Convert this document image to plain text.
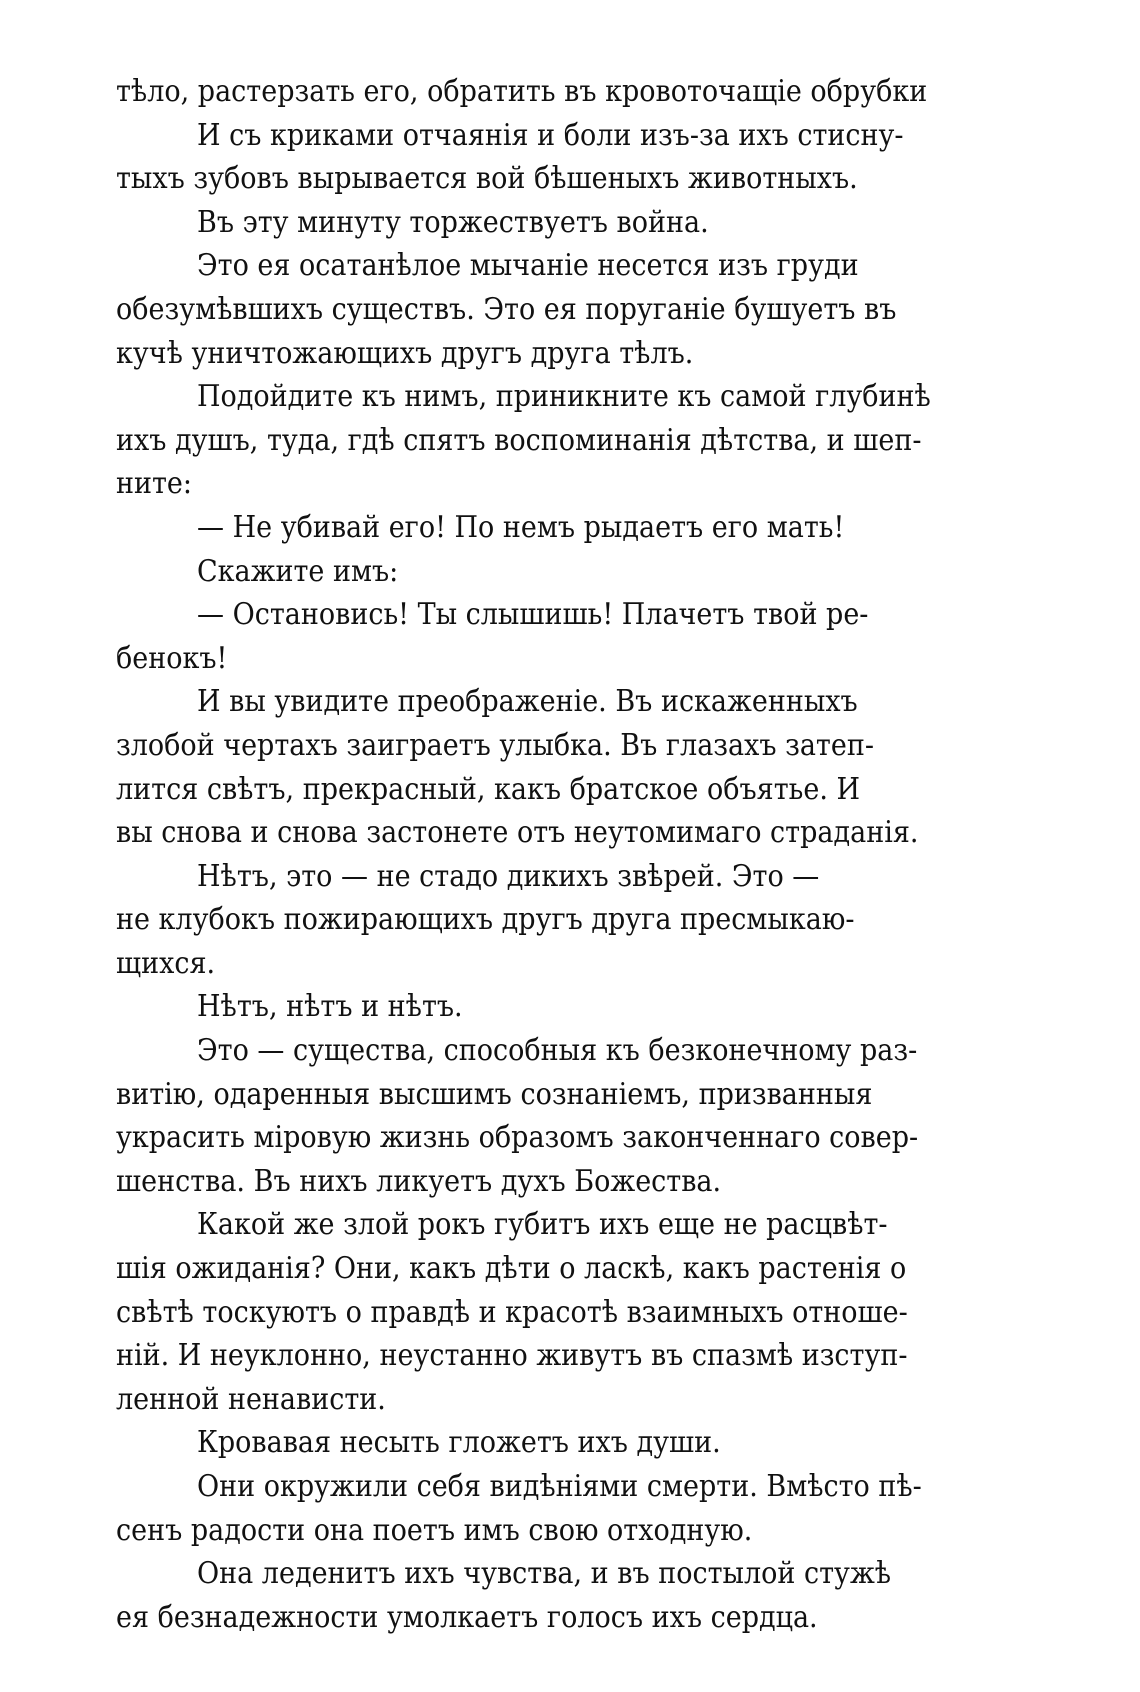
тѣло, растерзать его, обратить въ кровоточащіе обрубки
И съ криками отчаянія и боли изъ-за ихъ стисну-
тыхъ зубовъ вырывается вой бѣшеныхъ животныхъ.
Въ эту минуту торжествуетъ война.
Это ея осатанѣлое мычаніе несется изъ груди
обезумѣвшихъ существъ. Это ея поруганіе бушуетъ въ
кучѣ уничтожающихъ другъ друга тѣлъ.
Подойдите къ нимъ, приникните къ самой глубинѣ
ихъ душъ, туда, гдѣ спятъ воспоминанія дѣтства, и шеп-
ните:
— Не убивай его! По немъ рыдаетъ его мать!
Скажите имъ:
— Остановись! Ты слышишь! Плачетъ твой ре-
бенокъ!
И вы увидите преображеніе. Въ искаженныхъ
злобой чертахъ заиграетъ улыбка. Въ глазахъ затеп-
лится свѣтъ, прекрасный, какъ братское объятье. И
вы снова и снова застонете отъ неутомимаго страданія.
Нѣтъ, это — не стадо дикихъ звѣрей. Это —
не клубокъ пожирающихъ другъ друга пресмыкаю-
щихся.
Нѣтъ, нѣтъ и нѣтъ.
Это — существа, способныя къ безконечному раз-
витію, одаренныя высшимъ сознаніемъ, призванныя
украсить міровую жизнь образомъ законченнаго совер-
шенства. Въ нихъ ликуетъ духъ Божества.
Какой же злой рокъ губитъ ихъ еще не расцвѣт-
шія ожиданія? Они, какъ дѣти о ласкѣ, какъ растенія о
свѣтѣ тоскуютъ о правдѣ и красотѣ взаимныхъ отноше-
ній. И неуклонно, неустанно живутъ въ спазмѣ изступ-
ленной ненависти.
Кровавая несыть гложетъ ихъ души.
Они окружили себя видѣніями смерти. Вмѣсто пѣ-
сенъ радости она поетъ имъ свою отходную.
Она леденитъ ихъ чувства, и въ постылой стужѣ
ея безнадежности умолкаетъ голосъ ихъ сердца.
